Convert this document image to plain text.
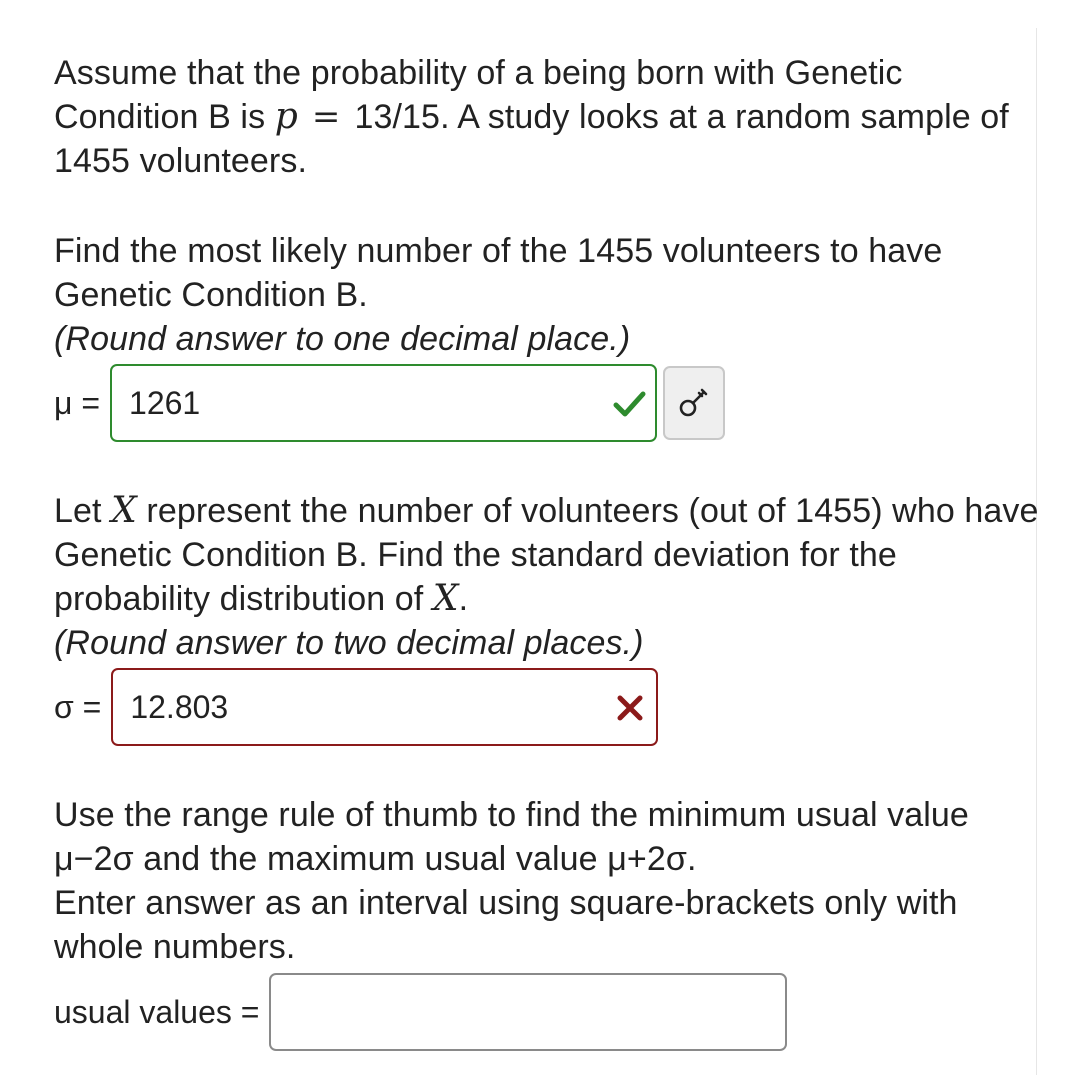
Assume that the probability of a being born with Genetic Condition B is p = 13/15. A study looks at a random sample of 1455 volunteers.

Find the most likely number of the 1455 volunteers to have Genetic Condition B.
(Round answer to one decimal place.)

μ = 1261

Let X represent the number of volunteers (out of 1455) who have Genetic Condition B. Find the standard deviation for the probability distribution of X.
(Round answer to two decimal places.)

σ = 12.803

Use the range rule of thumb to find the minimum usual value μ−2σ and the maximum usual value μ+2σ.
Enter answer as an interval using square-brackets only with whole numbers.

usual values =
